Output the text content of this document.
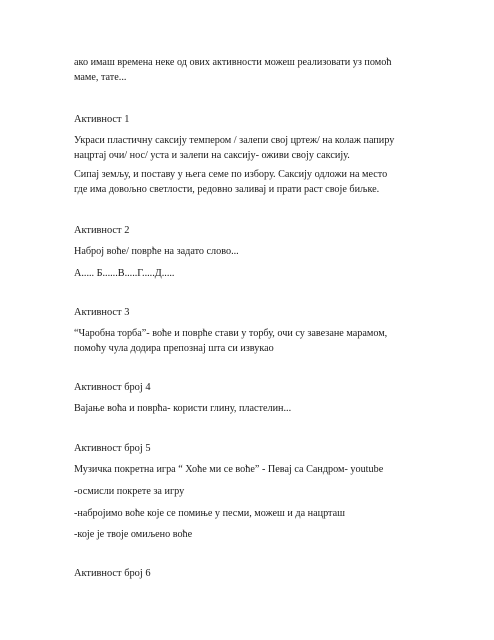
ако имаш времена неке од ових активности можеш реализовати уз помоћ
маме, тате...
Активност 1
Украси пластичну саксију темпером / залепи свој цртеж/ на колаж папиру
нацртај очи/ нос/ уста и залепи на саксију- оживи своју саксију.
Сипај земљу, и поставу у њега семе по избору. Саксију одложи на место
где има довољно светлости, редовно заливај и прати раст своје биљке.
Активност 2
Наброј воће/ поврће на задато слово...
А..... Б......В.....Г.....Д.....
Активност 3
“Чаробна торба”- воће и поврће стави у торбу, очи су завезане марамом,
помоћу чула додира препознај шта си извукао
Активност број 4
Вајање воћа и поврћа- користи глину, пластелин...
Активност број 5
Музичка покретна игра “ Хоће ми се воће” - Певај са Сандром- youtube
-осмисли покрете за игру
-набројимо воће које се помиње у песми, можеш и да нацрташ
-које је твоје омиљено воће
Активност број 6
